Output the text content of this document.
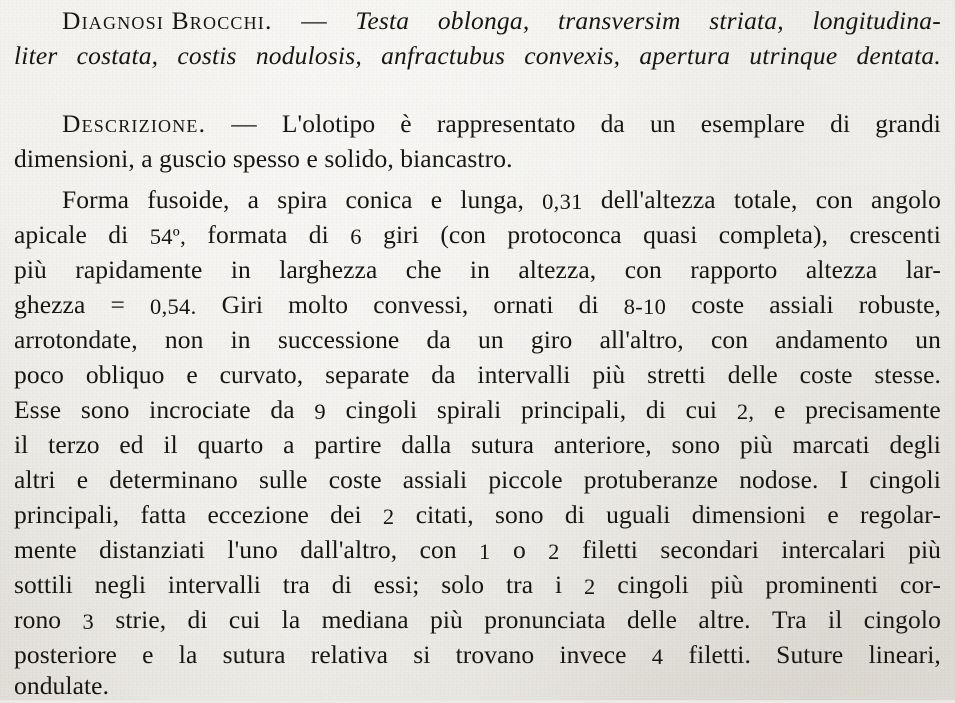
Diagnosi Brocchi. — Testa oblonga, transversim striata, longitudina-
liter costata, costis nodulosis, anfractubus convexis, apertura utrinque dentata.
Descrizione. — L'olotipo è rappresentato da un esemplare di grandi
dimensioni, a guscio spesso e solido, biancastro.
Forma fusoide, a spira conica e lunga, 0,31 dell'altezza totale, con angolo
apicale di 54º, formata di 6 giri (con protoconca quasi completa), crescenti
più rapidamente in larghezza che in altezza, con rapporto altezza lar-
ghezza = 0,54. Giri molto convessi, ornati di 8-10 coste assiali robuste,
arrotondate, non in successione da un giro all'altro, con andamento un
poco obliquo e curvato, separate da intervalli più stretti delle coste stesse.
Esse sono incrociate da 9 cingoli spirali principali, di cui 2, e precisamente
il terzo ed il quarto a partire dalla sutura anteriore, sono più marcati degli
altri e determinano sulle coste assiali piccole protuberanze nodose. I cingoli
principali, fatta eccezione dei 2 citati, sono di uguali dimensioni e regolar-
mente distanziati l'uno dall'altro, con 1 o 2 filetti secondari intercalari più
sottili negli intervalli tra di essi; solo tra i 2 cingoli più prominenti cor-
rono 3 strie, di cui la mediana più pronunciata delle altre. Tra il cingolo
posteriore e la sutura relativa si trovano invece 4 filetti. Suture lineari,
ondulate.
